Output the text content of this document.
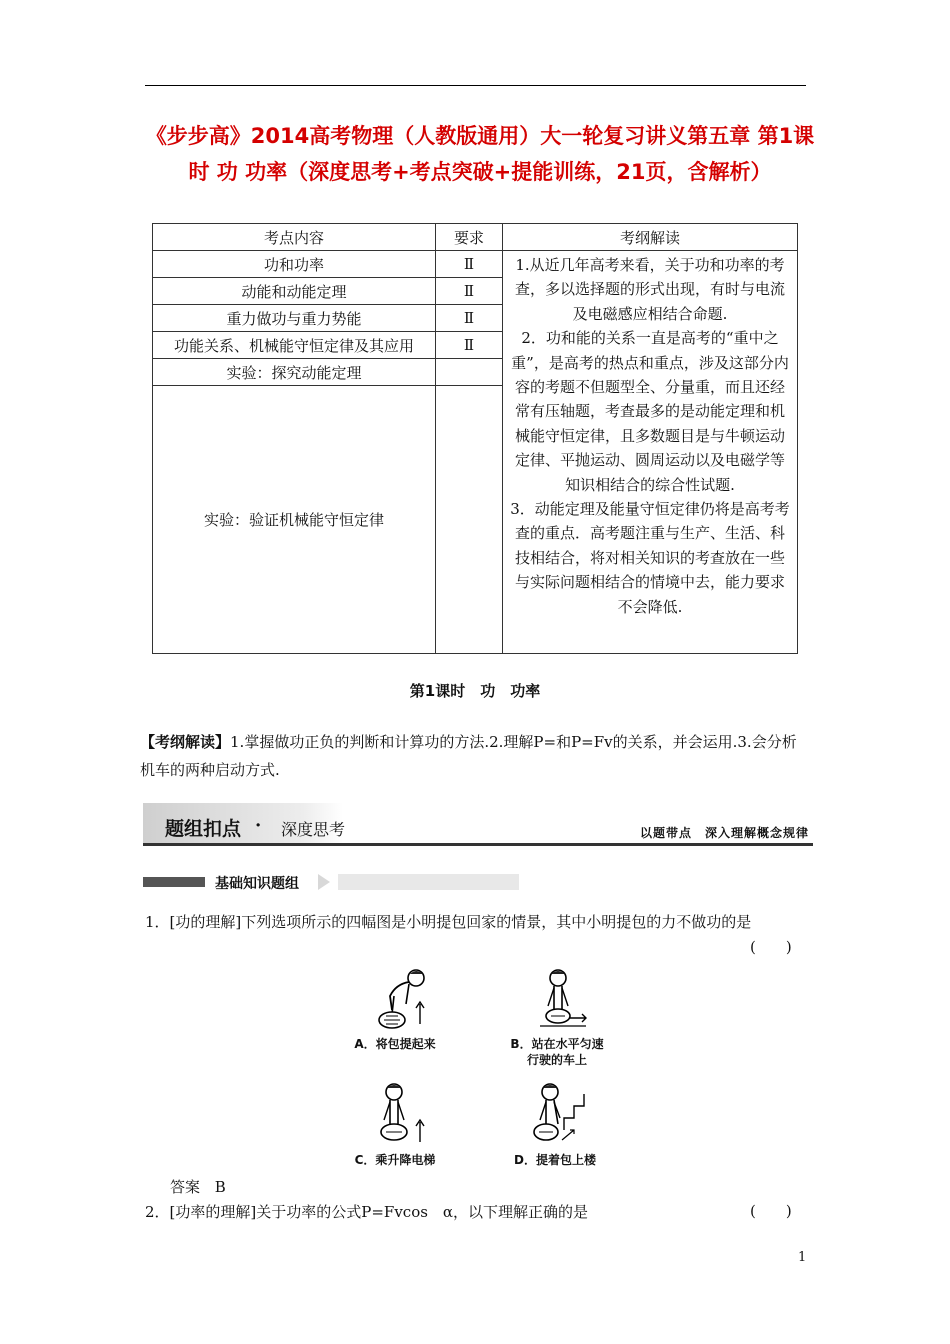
《步步高》2014高考物理（人教版通用）大一轮复习讲义第五章 第1课时 功 功率（深度思考+考点突破+提能训练，21页，含解析）
考点内容	要求	考纲解读
功和功率	Ⅱ	1.从近几年高考来看，关于功和功率的考查，多以选择题的形式出现，有时与电流及电磁感应相结合命题.

2．功和能的关系一直是高考的“重中之重”，是高考的热点和重点，涉及这部分内容的考题不但题型全、分量重，而且还经常有压轴题，考查最多的是动能定理和机械能守恒定律，且多数题目是与牛顿运动定律、平抛运动、圆周运动以及电磁学等知识相结合的综合性试题.

3．动能定理及能量守恒定律仍将是高考考查的重点．高考题注重与生产、生活、科技相结合，将对相关知识的考查放在一些与实际问题相结合的情境中去，能力要求不会降低.

动能和动能定理	Ⅱ	
重力做功与重力势能	Ⅱ	
功能关系、机械能守恒定律及其应用	Ⅱ	
实验：探究动能定理		
实验：验证机械能守恒定律		
第1课时　功　功率
【考纲解读】1.掌握做功正负的判断和计算功的方法.2.理解P=和P=Fv的关系，并会运用.3.会分析机车的两种启动方式.
题组扣点 · 深度思考	以题带点　深入理解概念规律
基础知识题组
1．[功的理解]下列选项所示的四幅图是小明提包回家的情景，其中小明提包的力不做功的是
(　　)
A．将包提起来	B．站在水平匀速
行驶的车上
C．乘升降电梯	D．提着包上楼
答案 B
2．[功率的理解]关于功率的公式P=Fvcos　α，以下理解正确的是	(　　)
1
